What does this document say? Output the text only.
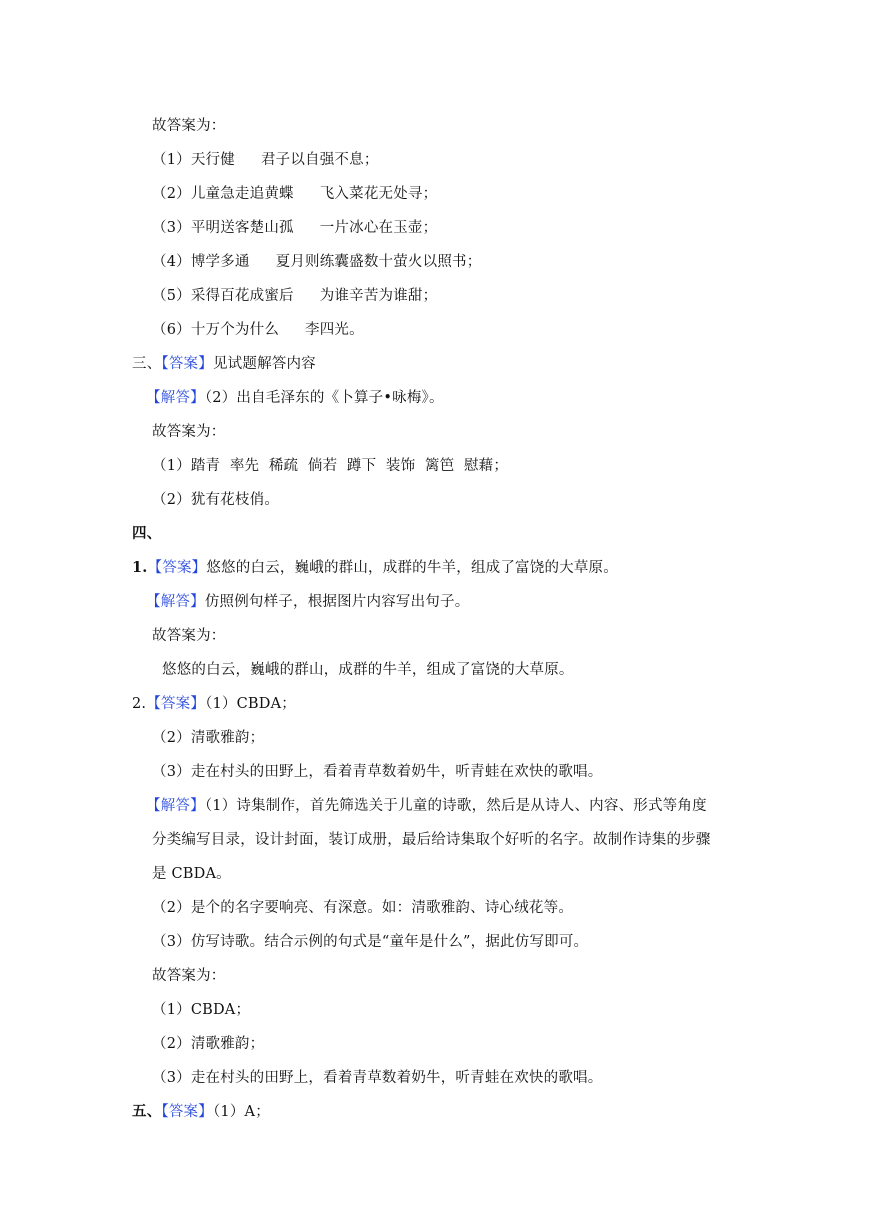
故答案为：
（1）天行健 君子以自强不息；
（2）儿童急走追黄蝶 飞入菜花无处寻；
（3）平明送客楚山孤 一片冰心在玉壶；
（4）博学多通 夏月则练囊盛数十萤火以照书；
（5）采得百花成蜜后 为谁辛苦为谁甜；
（6）十万个为什么 李四光。
三、【答案】见试题解答内容
【解答】（2）出自毛泽东的《卜算子•咏梅》。
故答案为：
（1）踏青  率先  稀疏  倘若  蹲下  装饰  篱笆  慰藉；
（2）犹有花枝俏。
四、
1.【答案】悠悠的白云，巍峨的群山，成群的牛羊，组成了富饶的大草原。
【解答】仿照例句样子，根据图片内容写出句子。
故答案为：
悠悠的白云，巍峨的群山，成群的牛羊，组成了富饶的大草原。
2.【答案】（1）CBDA；
（2）清歌雅韵；
（3）走在村头的田野上，看着青草数着奶牛，听青蛙在欢快的歌唱。
【解答】（1）诗集制作，首先筛选关于儿童的诗歌，然后是从诗人、内容、形式等角度
分类编写目录，设计封面，装订成册，最后给诗集取个好听的名字。故制作诗集的步骤
是 CBDA。
（2）是个的名字要响亮、有深意。如：清歌雅韵、诗心绒花等。
（3）仿写诗歌。结合示例的句式是“童年是什么”，据此仿写即可。
故答案为：
（1）CBDA；
（2）清歌雅韵；
（3）走在村头的田野上，看着青草数着奶牛，听青蛙在欢快的歌唱。
五、【答案】（1）A；
